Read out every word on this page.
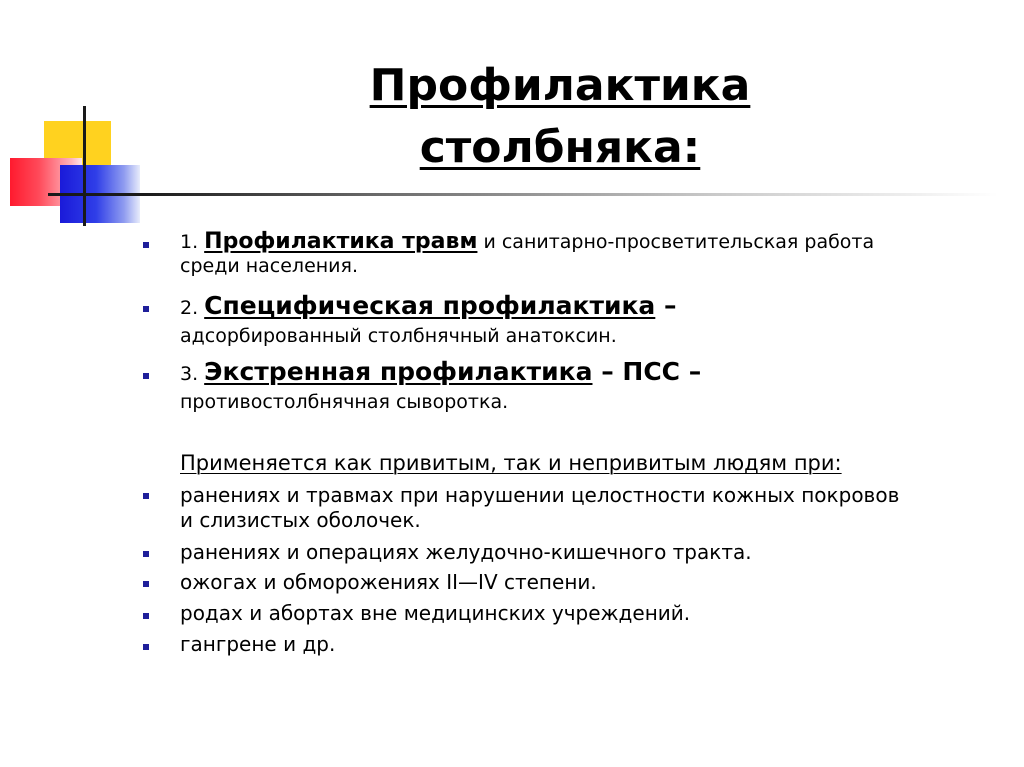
Профилактика
столбняка:
1. Профилактика травм и санитарно-просветительская работа
среди населения.
2. Специфическая профилактика –
адсорбированный столбнячный анатоксин.
3. Экстренная профилактика – ПСС –
противостолбнячная сыворотка.
Применяется как привитым, так и непривитым людям при:
ранениях и травмах при нарушении целостности кожных покровов
и слизистых оболочек.
ранениях и операциях желудочно-кишечного тракта.
ожогах и обморожениях II—IV степени.
родах и абортах вне медицинских учреждений.
гангрене и др.
